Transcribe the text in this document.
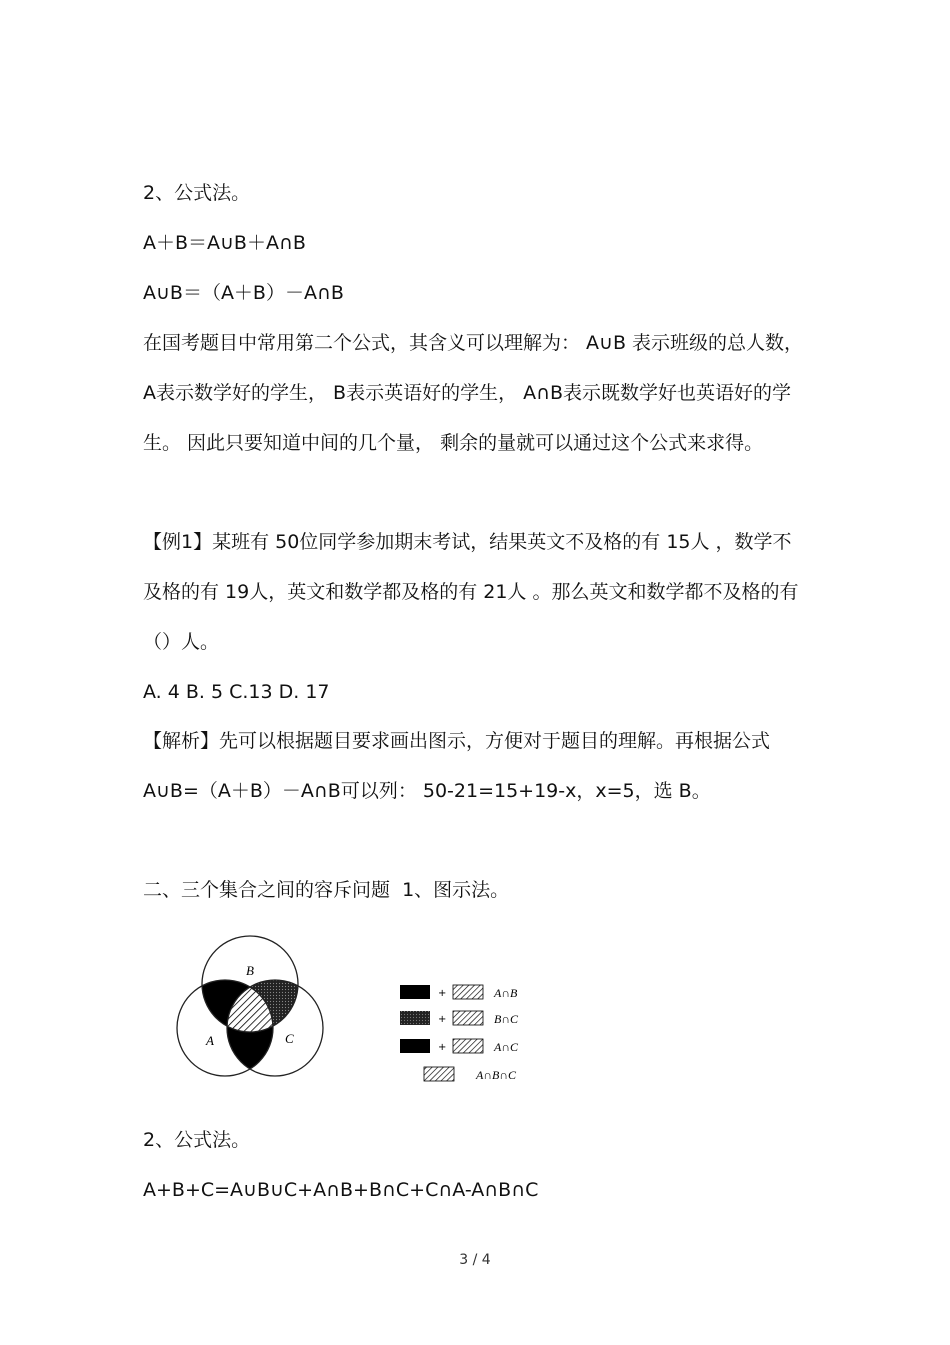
2、公式法。
A＋B＝A∪B＋A∩B
A∪B＝（A＋B）－A∩B
在国考题目中常用第二个公式，其含义可以理解为： A∪B 表示班级的总人数， A表示数学好的学生， B表示英语好的学生， A∩B表示既数学好也英语好的学生。 因此只要知道中间的几个量， 剩余的量就可以通过这个公式来求得。
【例1】某班有 50位同学参加期末考试，结果英文不及格的有 15人 ，数学不及格的有 19人，英文和数学都及格的有 21人 。那么英文和数学都不及格的有（）人。
A. 4 B. 5 C.13 D. 17
【解析】先可以根据题目要求画出图示，方便对于题目的理解。再根据公式 A∪B=（A＋B）－A∩B可以列： 50-21=15+19-x，x=5，选 B。
二、三个集合之间的容斥问题  1、图示法。
B
A	C
+	A∩B
+	B∩C
+	A∩C
A∩B∩C
2、公式法。
A+B+C=A∪B∪C+A∩B+B∩C+C∩A-A∩B∩C
3 / 4
